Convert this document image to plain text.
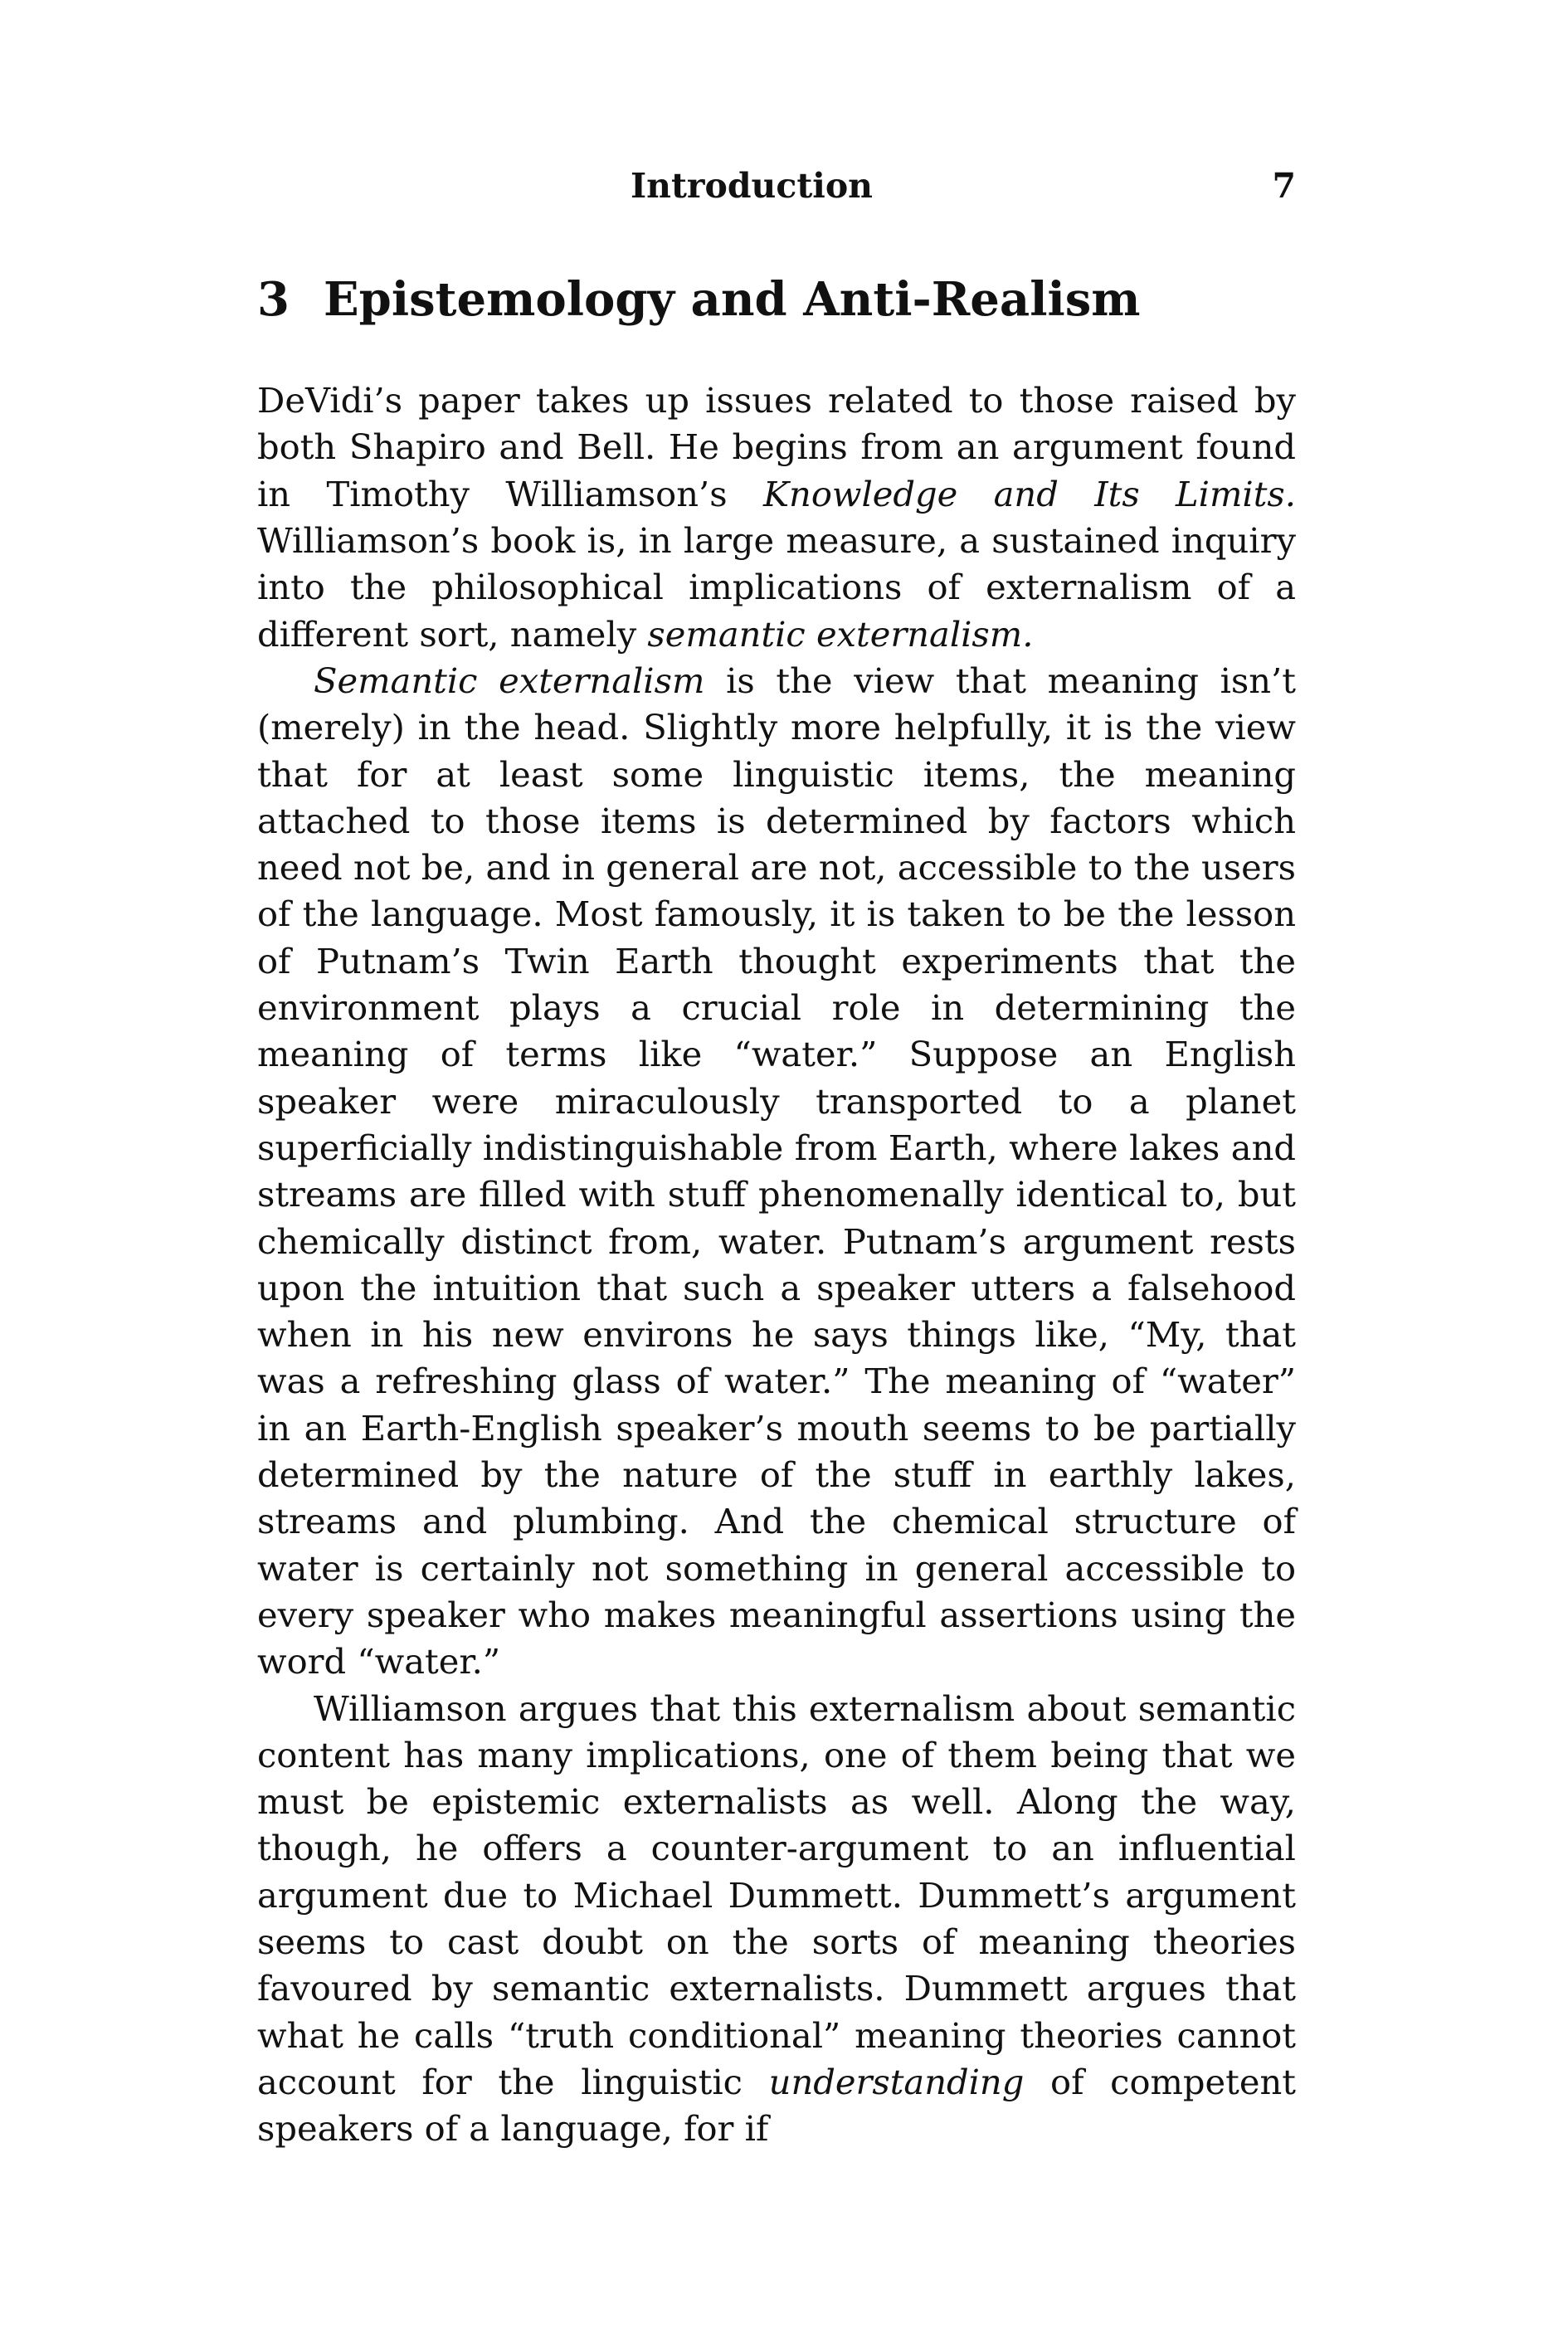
Introduction	7
3 Epistemology and Anti-Realism

DeVidi’s paper takes up issues related to those raised by both Shapiro and Bell. He begins from an argument found in Timothy Williamson’s Knowledge and Its Limits. Williamson’s book is, in large measure, a sustained inquiry into the philosophical implications of externalism of a different sort, namely semantic externalism.

Semantic externalism is the view that meaning isn’t (merely) in the head. Slightly more helpfully, it is the view that for at least some linguistic items, the meaning attached to those items is determined by factors which need not be, and in general are not, accessible to the users of the language. Most famously, it is taken to be the lesson of Putnam’s Twin Earth thought experiments that the environment plays a crucial role in determining the meaning of terms like “water.” Suppose an English speaker were miraculously transported to a planet superficially indistinguishable from Earth, where lakes and streams are filled with stuff phenomenally identical to, but chemically distinct from, water. Putnam’s argument rests upon the intuition that such a speaker utters a falsehood when in his new environs he says things like, “My, that was a refreshing glass of water.” The meaning of “water” in an Earth-English speaker’s mouth seems to be partially determined by the nature of the stuff in earthly lakes, streams and plumbing. And the chemical structure of water is certainly not something in general accessible to every speaker who makes meaningful assertions using the word “water.”

Williamson argues that this externalism about semantic content has many implications, one of them being that we must be epistemic externalists as well. Along the way, though, he offers a counter-argument to an influential argument due to Michael Dummett. Dummett’s argument seems to cast doubt on the sorts of meaning theories favoured by semantic externalists. Dummett argues that what he calls “truth conditional” meaning theories cannot account for the linguistic understanding of competent speakers of a language, for if
